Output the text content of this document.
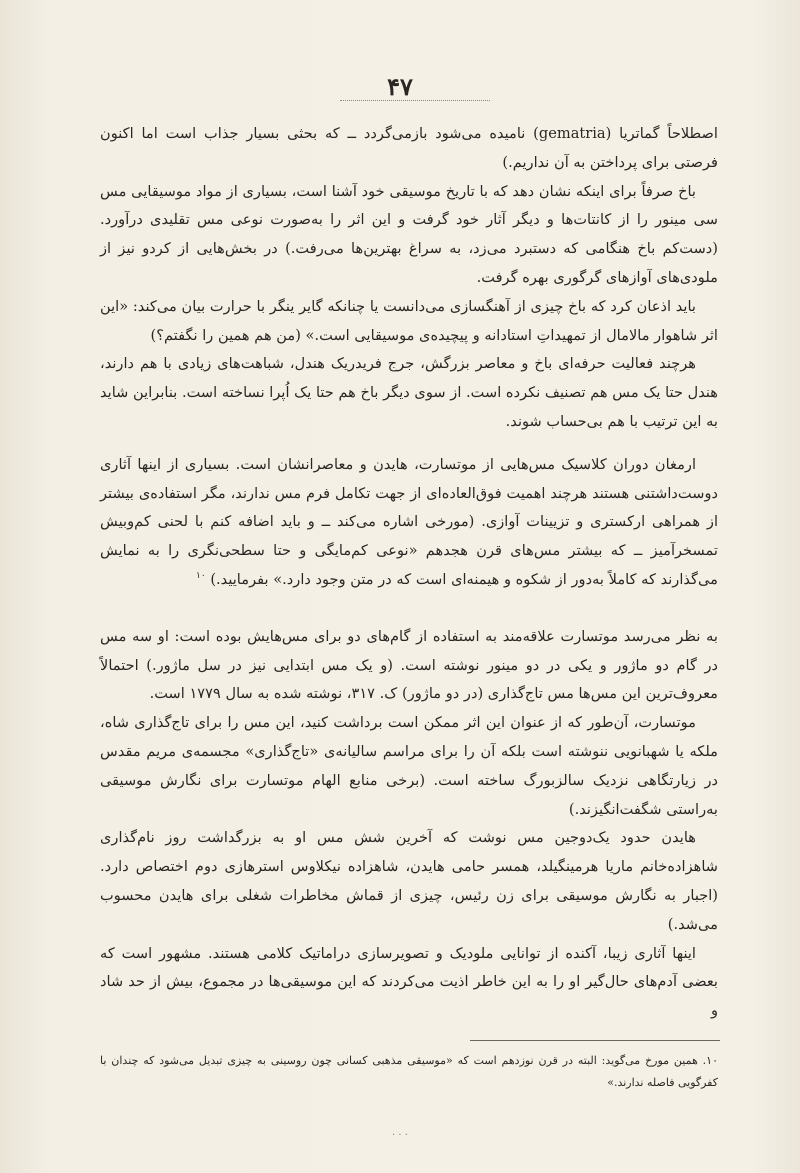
۴۷

اصطلاحاً گماتریا (gematria) نامیده می‌شود بازمی‌گردد ــ که بحثی بسیار جذاب است اما اکنون فرصتی برای پرداختن به آن نداریم.)

باخ صرفاً برای اینکه نشان دهد که با تاریخ موسیقی خود آشنا است، بسیاری از مواد موسیقایی مس سی مینور را از کانتات‌ها و دیگر آثار خود گرفت و این اثر را به‌صورت نوعی مس تقلیدی درآورد. (دست‌کم باخ هنگامی که دستبرد می‌زد، به سراغ بهترین‌ها می‌رفت.) در بخش‌هایی از کردو نیز از ملودی‌های آوازهای گرگوری بهره گرفت.

باید اذعان کرد که باخ چیزی از آهنگسازی می‌دانست یا چنانکه گایر ینگر با حرارت بیان می‌کند: «این اثر شاهوار مالامال از تمهیداتِ استادانه و پیچیده‌ی موسیقایی است.» (من هم همین را نگفتم؟)

هرچند فعالیت حرفه‌ای باخ و معاصر بزرگش، جرج فریدریک هندل، شباهت‌های زیادی با هم دارند، هندل حتا یک مس هم تصنیف نکرده است. از سوی دیگر باخ هم حتا یک اُپرا نساخته است. بنابراین شاید به این ترتیب با هم بی‌حساب شوند.

ارمغان دوران کلاسیک مس‌هایی از موتسارت، هایدن و معاصرانشان است. بسیاری از اینها آثاری دوست‌داشتنی هستند هرچند اهمیت فوق‌العاده‌ای از جهت تکامل فرم مس ندارند، مگر استفاده‌ی بیشتر از همراهی ارکستری و تزیینات آوازی. (مورخی اشاره می‌کند ــ و باید اضافه کنم با لحنی کم‌وبیش تمسخرآمیز ــ که بیشتر مس‌های قرن هجدهم «نوعی کم‌مایگی و حتا سطحی‌نگری را به نمایش می‌گذارند که کاملاً به‌دور از شکوه و هیمنه‌ای است که در متن وجود دارد.» بفرمایید.) $^{۱۰}$

به نظر می‌رسد موتسارت علاقه‌مند به استفاده از گام‌های دو برای مس‌هایش بوده است: او سه مس در گام دو ماژور و یکی در دو مینور نوشته است. (و یک مس ابتدایی نیز در سل ماژور.) احتمالاً معروف‌ترین این مس‌ها مس تاج‌گذاری (در دو ماژور) ک. ۳۱۷، نوشته شده به سال ۱۷۷۹ است.

موتسارت، آن‌طور که از عنوان این اثر ممکن است برداشت کنید، این مس را برای تاج‌گذاری شاه، ملکه یا شهبانویی ننوشته است بلکه آن را برای مراسم سالیانه‌ی «تاج‌گذاری» مجسمه‌ی مریم مقدس در زیارتگاهی نزدیک سالزبورگ ساخته است. (برخی منابع الهام موتسارت برای نگارش موسیقی به‌راستی شگفت‌انگیزند.)

هایدن حدود یک‌دوجین مس نوشت که آخرین شش مس او به بزرگداشت روز نام‌گذاری شاهزاده‌خانم ماریا هرمینگیلد، همسر حامی هایدن، شاهزاده نیکلاوس استرهازی دوم اختصاص دارد. (اجبار به نگارش موسیقی برای زن رئیس، چیزی از قماش مخاطرات شغلی برای هایدن محسوب می‌شد.)

اینها آثاری زیبا، آکنده از توانایی ملودیک و تصویرسازی دراماتیک کلامی هستند. مشهور است که بعضی آدم‌های حال‌گیر او را به این خاطر اذیت می‌کردند که این موسیقی‌ها در مجموع، بیش از حد شاد و

۱۰. همین مورخ می‌گوید: البته در قرن نوزدهم است که «موسیقی مذهبی کسانی چون روسینی به چیزی تبدیل می‌شود که چندان با کفرگویی فاصله ندارند.»

· · ·
